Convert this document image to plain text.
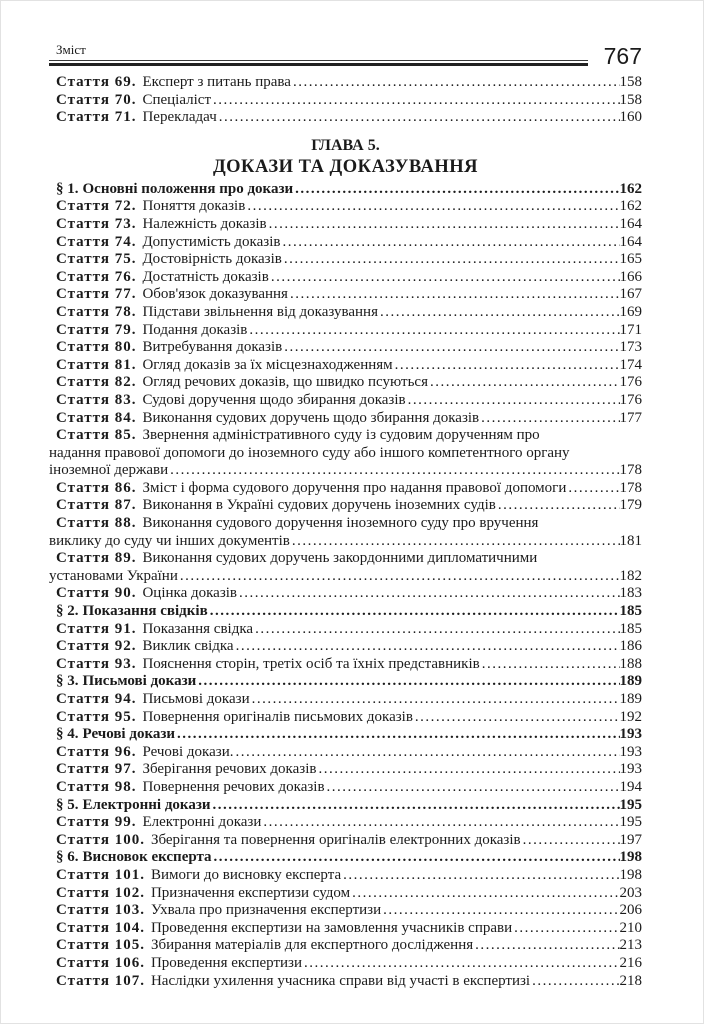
Зміст	767
Стаття 69. Експерт з питань права .....	158
Стаття 70. Спеціаліст .....	158
Стаття 71. Перекладач .....	160
ГЛАВА 5.
ДОКАЗИ ТА ДОКАЗУВАННЯ
§ 1. Основні положення про докази .....	162
Стаття 72. Поняття доказів .....	162
Стаття 73. Належність доказів .....	164
Стаття 74. Допустимість доказів .....	164
Стаття 75. Достовірність доказів .....	165
Стаття 76. Достатність доказів .....	166
Стаття 77. Обов'язок доказування .....	167
Стаття 78. Підстави звільнення від доказування .....	169
Стаття 79. Подання доказів .....	171
Стаття 80. Витребування доказів .....	173
Стаття 81. Огляд доказів за їх місцезнаходженням .....	174
Стаття 82. Огляд речових доказів, що швидко псуються .....	176
Стаття 83. Судові доручення щодо збирання доказів .....	176
Стаття 84. Виконання судових доручень щодо збирання доказів .....	177
Стаття 85. Звернення адміністративного суду із судовим дорученням про
надання правової допомоги до іноземного суду або іншого компетентного органу
іноземної держави .....	178
Стаття 86. Зміст і форма судового доручення про надання правової допомоги .....	178
Стаття 87. Виконання в Україні судових доручень іноземних судів .....	179
Стаття 88. Виконання судового доручення іноземного суду про вручення
виклику до суду чи інших документів .....	181
Стаття 89. Виконання судових доручень закордонними дипломатичними
установами України .....	182
Стаття 90. Оцінка доказів .....	183
§ 2. Показання свідків .....	185
Стаття 91. Показання свідка .....	185
Стаття 92. Виклик свідка .....	186
Стаття 93. Пояснення сторін, третіх осіб та їхніх представників .....	188
§ 3. Письмові докази .....	189
Стаття 94. Письмові докази .....	189
Стаття 95. Повернення оригіналів письмових доказів .....	192
§ 4. Речові докази .....	193
Стаття 96. Речові докази. .....	193
Стаття 97. Зберігання речових доказів .....	193
Стаття 98. Повернення речових доказів .....	194
§ 5. Електронні докази .....	195
Стаття 99. Електронні докази .....	195
Стаття 100. Зберігання та повернення оригіналів електронних доказів .....	197
§ 6. Висновок експерта .....	198
Стаття 101. Вимоги до висновку експерта .....	198
Стаття 102. Призначення експертизи судом .....	203
Стаття 103. Ухвала про призначення експертизи .....	206
Стаття 104. Проведення експертизи на замовлення учасників справи .....	210
Стаття 105. Збирання матеріалів для експертного дослідження .....	213
Стаття 106. Проведення експертизи .....	216
Стаття 107. Наслідки ухилення учасника справи від участі в експертизі .....	218
